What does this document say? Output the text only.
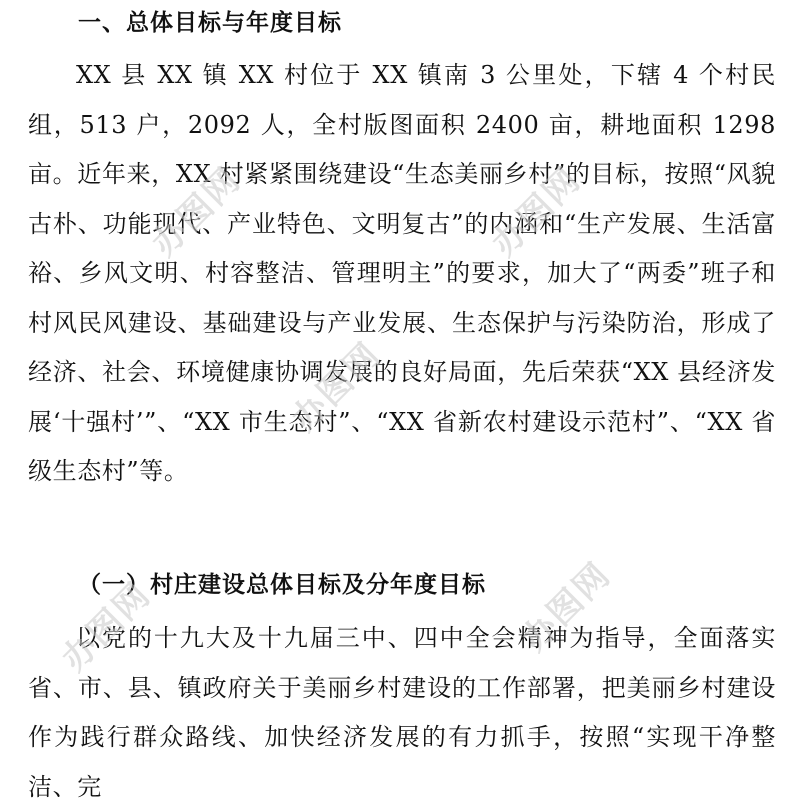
一、总体目标与年度目标

XX 县 XX 镇 XX 村位于 XX 镇南 3 公里处，下辖 4 个村民组，513 户，2092 人，全村版图面积 2400 亩，耕地面积 1298 亩。近年来，XX 村紧紧围绕建设“生态美丽乡村”的目标，按照“风貌古朴、功能现代、产业特色、文明复古”的内涵和“生产发展、生活富裕、乡风文明、村容整洁、管理明主”的要求，加大了“两委”班子和村风民风建设、基础建设与产业发展、生态保护与污染防治，形成了经济、社会、环境健康协调发展的良好局面，先后荣获“XX 县经济发展‘十强村’”、“XX 市生态村”、“XX 省新农村建设示范村”、“XX 省级生态村”等。

（一）村庄建设总体目标及分年度目标

以党的十九大及十九届三中、四中全会精神为指导，全面落实省、市、县、镇政府关于美丽乡村建设的工作部署，把美丽乡村建设作为践行群众路线、加快经济发展的有力抓手，按照“实现干净整洁、完

办图网	办图网
办图网
办图网	办图网
